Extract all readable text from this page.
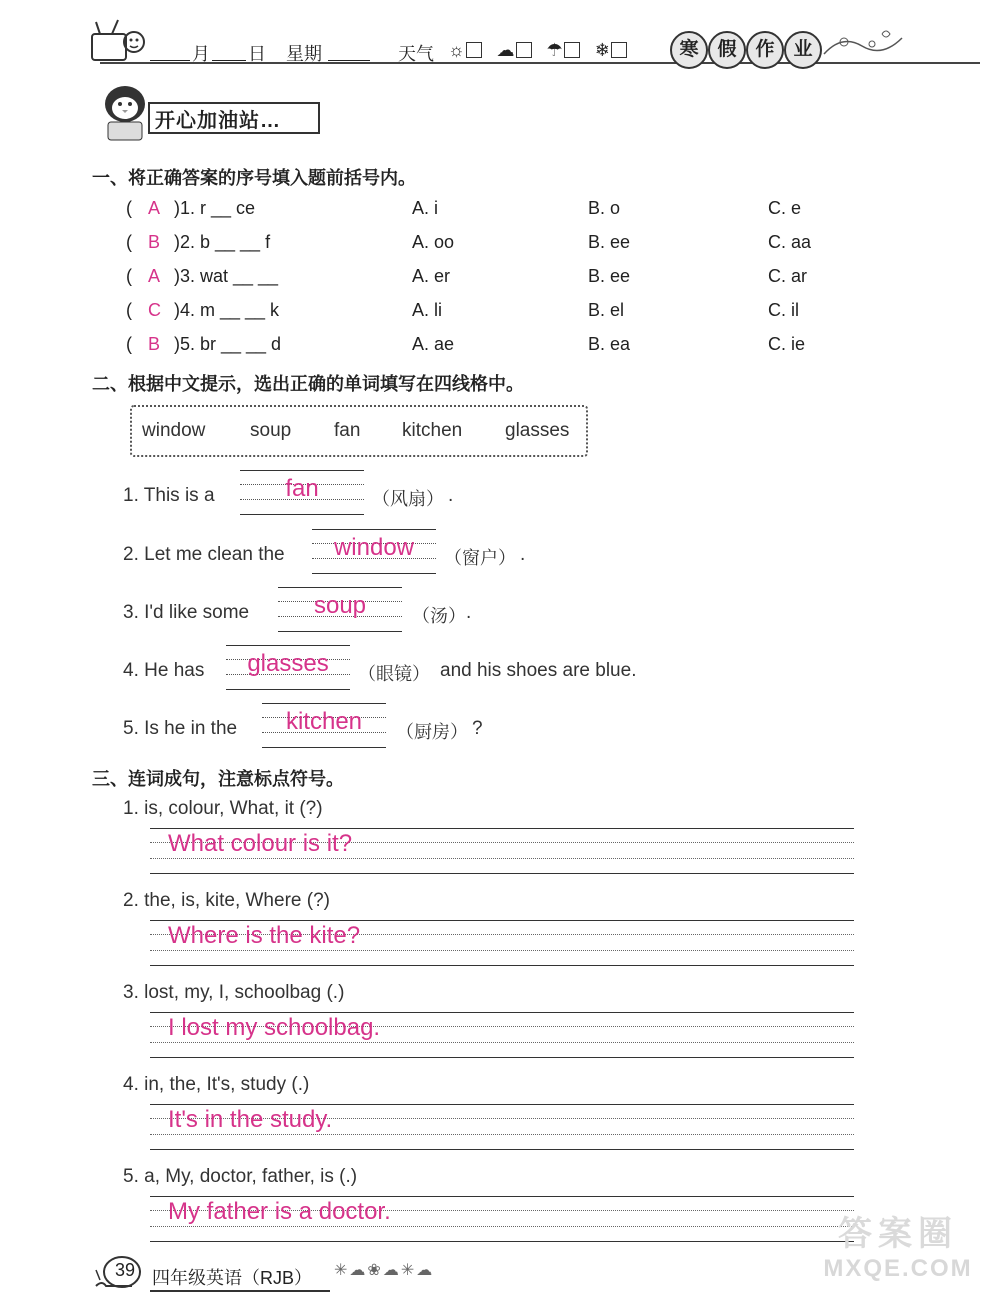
月 日 星期	天气 ☼ ☁ ☂ ❄	寒 假 作 业
开心加油站…
一、将正确答案的序号填入题前括号内。
( A )1. r __ ce	A. i	B. o	C. e
( B )2. b __ __ f	A. oo	B. ee	C. aa
( A )3. wat __ __	A. er	B. ee	C. ar
( C )4. m __ __ k	A. li	B. el	C. il
( B )5. br __ __ d	A. ae	B. ea	C. ie
二、根据中文提示，选出正确的单词填写在四线格中。
window soup fan kitchen glasses
1. This is a	fan	（风扇） .
2. Let me clean the	window	（窗户） .
3. I'd like some	soup	（汤） .
4. He has	glasses	（眼镜） and his shoes are blue.
5. Is he in the	kitchen	（厨房） ?
三、连词成句，注意标点符号。
1. is, colour, What, it (?)
What colour is it?
2. the, is, kite, Where (?)
Where is the kite?
3. lost, my, I, schoolbag (.)
I lost my schoolbag.
4. in, the, It's, study (.)
It's in the study.
5. a, My, doctor, father, is (.)
My father is a doctor.
39 四年级英语（RJB） ✳☁❀☁✳☁
答案圈
MXQE.COM
